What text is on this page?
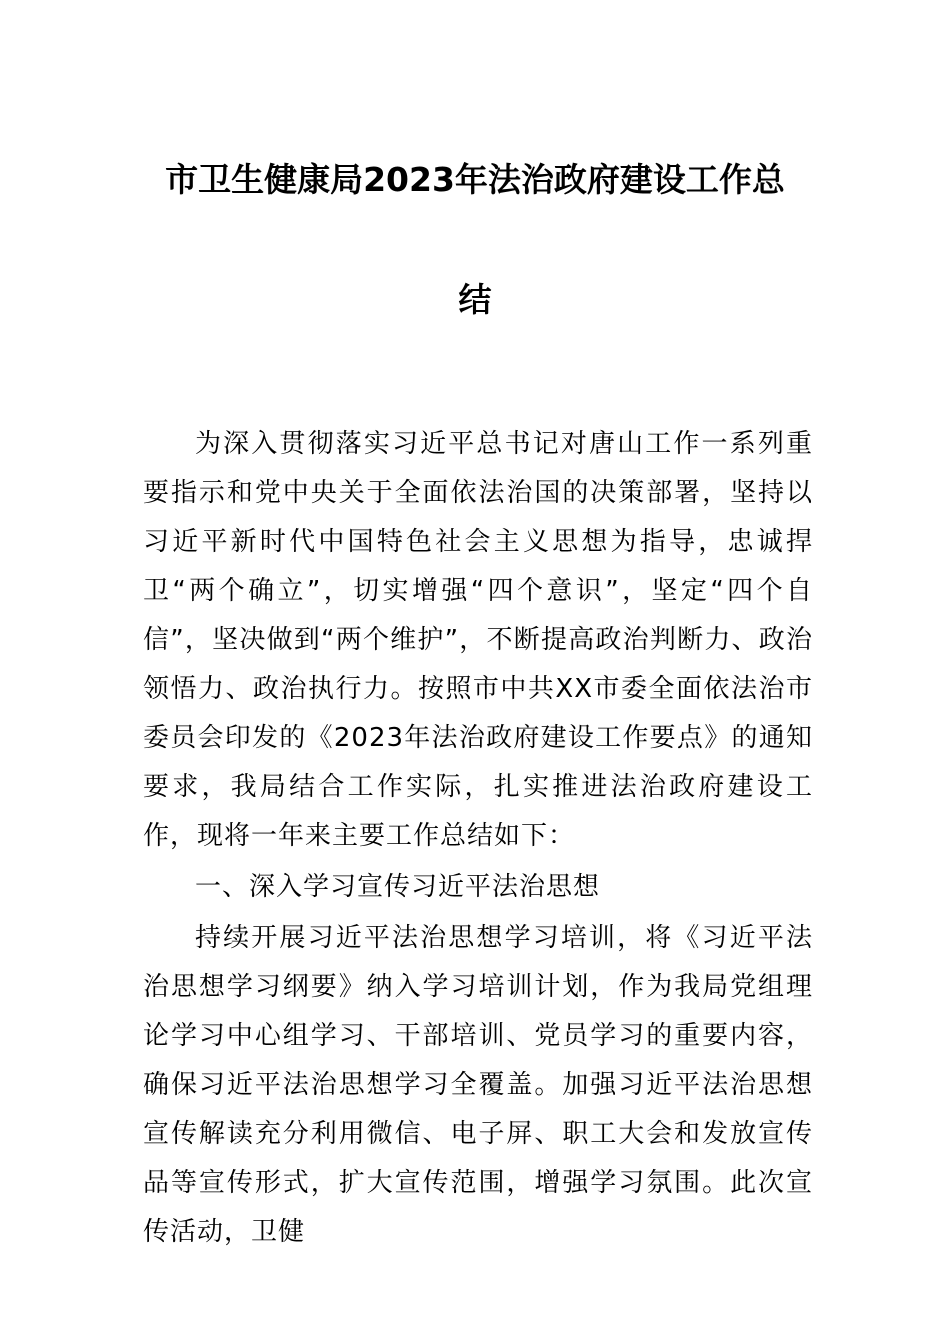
市卫生健康局2023年法治政府建设工作总
结

为深入贯彻落实习近平总书记对唐山工作一系列重要指示和党中央关于全面依法治国的决策部署，坚持以习近平新时代中国特色社会主义思想为指导，忠诚捍卫“两个确立”，切实增强“四个意识”，坚定“四个自信”，坚决做到“两个维护”，不断提高政治判断力、政治领悟力、政治执行力。按照市中共XX市委全面依法治市委员会印发的《2023年法治政府建设工作要点》的通知要求，我局结合工作实际，扎实推进法治政府建设工作，现将一年来主要工作总结如下：

一、深入学习宣传习近平法治思想

持续开展习近平法治思想学习培训，将《习近平法治思想学习纲要》纳入学习培训计划，作为我局党组理论学习中心组学习、干部培训、党员学习的重要内容，确保习近平法治思想学习全覆盖。加强习近平法治思想宣传解读充分利用微信、电子屏、职工大会和发放宣传品等宣传形式，扩大宣传范围，增强学习氛围。此次宣传活动，卫健
